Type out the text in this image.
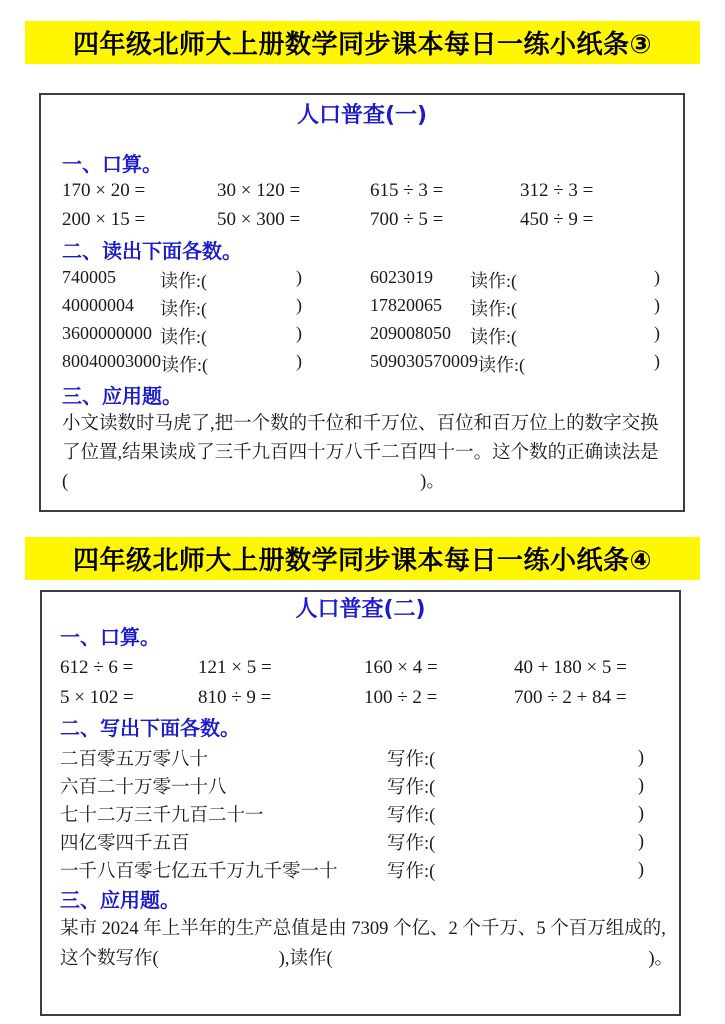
四年级北师大上册数学同步课本每日一练小纸条③
人口普查(一)
一、口算。
170 × 20 =	30 × 120 =	615 ÷ 3 =	312 ÷ 3 =
200 × 15 =	50 × 300 =	700 ÷ 5 =	450 ÷ 9 =
二、读出下面各数。
740005	读作:(	)	6023019	读作:(	)
40000004	读作:(	)	17820065	读作:(	)
3600000000 读作:(	)	209008050	读作:(	)
80040003000 读作:(	)	509030570009 读作:(	)
三、应用题。
小文读数时马虎了,把一个数的千位和千万位、百位和百万位上的数字交换
了位置,结果读成了三千九百四十万八千二百四十一。这个数的正确读法是
(	)。
四年级北师大上册数学同步课本每日一练小纸条④
人口普查(二)
一、口算。
612 ÷ 6 =	121 × 5 =	160 × 4 =	40 + 180 × 5 =
5 × 102 =	810 ÷ 9 =	100 ÷ 2 =	700 ÷ 2 + 84 =
二、写出下面各数。
二百零五万零八十	写作:(	)
六百二十万零一十八	写作:(	)
七十二万三千九百二十一	写作:(	)
四亿零四千五百	写作:(	)
一千八百零七亿五千万九千零一十	写作:(	)
三、应用题。
某市 2024 年上半年的生产总值是由 7309 个亿、2 个千万、5 个百万组成的,
这个数写作(	),读作(	)。
